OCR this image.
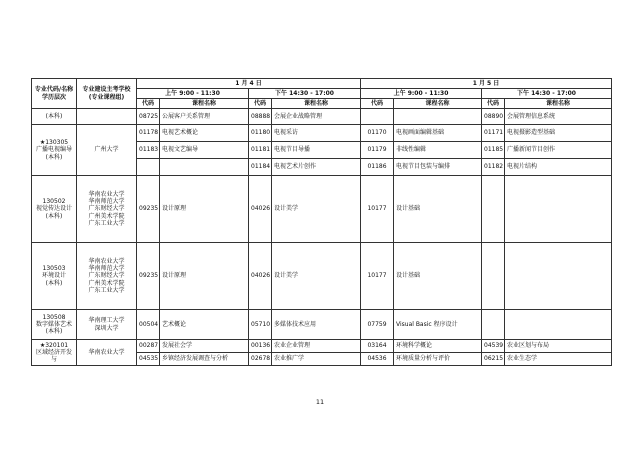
专业代码/名称
学历层次	专业建设主考学校
(专业课程组)	1 月 4 日				1 月 5 日			
		上午 9:00 - 11:30		下午 14:30 - 17:00		上午 9:00 - 11:30		下午 14:30 - 17:00	
		代码	课程名称	代码	课程名称	代码	课程名称	代码	课程名称

(本科)		08725	公展客户关系管理	08888	会展企业战略管理			08890	会展管理信息系统

★130305
广播电视编导
(本科)	广州大学	01178	电视艺术概论	01180	电视采访	01170	电视画面编辑基础	01171	电视摄影造型基础
		01183	电视文艺编导	01181	电视节目导播	01179	非线性编辑	01185	广播新闻节目创作
				01184	电视艺术片创作	01186	电视节目包装与编排	01182	电视片结构

130502
视觉传达设计
(本科)	华南农业大学
华南师范大学
广东财经大学
广州美术学院
广东工业大学	09235	设计原理	04026	设计美学	10177	设计基础		

130503
环境设计
(本科)	华南农业大学
华南师范大学
广东财经大学
广州美术学院
广东工业大学	09235	设计原理	04026	设计美学	10177	设计基础		

130508
数字媒体艺术
(本科)	华南理工大学
深圳大学	00504	艺术概论	05710	多媒体技术应用	07759	Visual Basic 程序设计		

★320101
区域经济开发与	华南农业大学	00287	发展社会学	00136	农业企业管理	03164	环境科学概论	04539	农业区划与布局
		04535	乡镇经济发展调查与分析	02678	农业推广学	04536	环境质量分析与评价	06215	农业生态学
11
